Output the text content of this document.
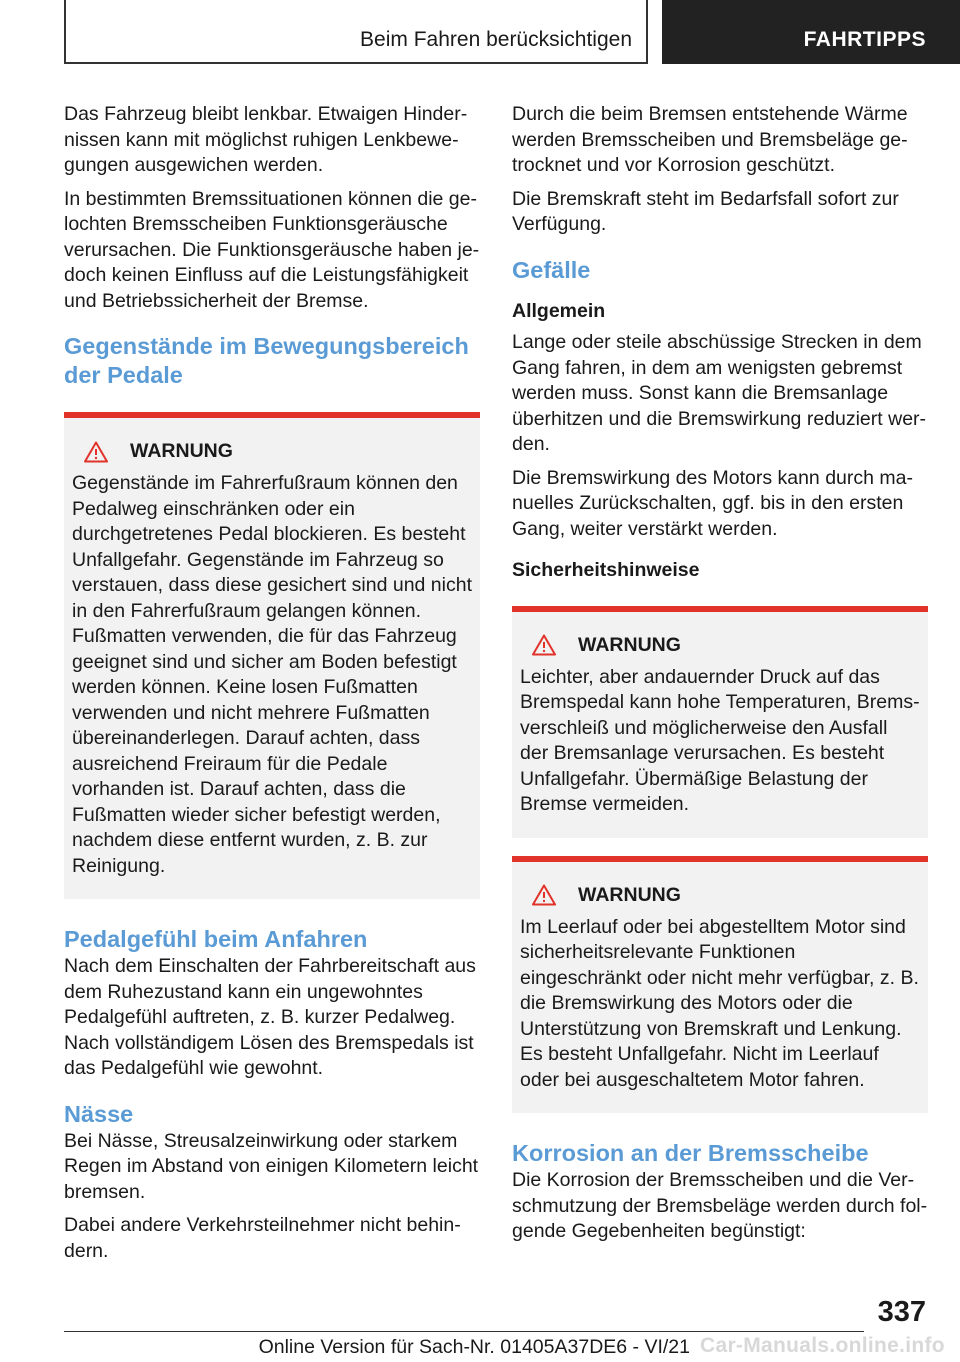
Beim Fahren berücksichtigen	FAHRTIPPS

Das Fahrzeug bleibt lenkbar. Etwaigen Hindernissen kann mit möglichst ruhigen Lenkbewegungen ausgewichen werden.

In bestimmten Bremssituationen können die gelochten Bremsscheiben Funktionsgeräusche verursachen. Die Funktionsgeräusche haben jedoch keinen Einfluss auf die Leistungsfähigkeit und Betriebssicherheit der Bremse.

Gegenstände im Bewegungsbereich der Pedale
WARNUNG

Gegenstände im Fahrerfußraum können den Pedalweg einschränken oder ein durchgetretenes Pedal blockieren. Es besteht Unfallgefahr. Gegenstände im Fahrzeug so verstauen, dass diese gesichert sind und nicht in den Fahrerfußraum gelangen können. Fußmatten verwenden, die für das Fahrzeug geeignet sind und sicher am Boden befestigt werden können. Keine losen Fußmatten verwenden und nicht mehrere Fußmatten übereinanderlegen. Darauf achten, dass ausreichend Freiraum für die Pedale vorhanden ist. Darauf achten, dass die Fußmatten wieder sicher befestigt werden, nachdem diese entfernt wurden, z. B. zur Reinigung.

Pedalgefühl beim Anfahren

Nach dem Einschalten der Fahrbereitschaft aus dem Ruhezustand kann ein ungewohntes Pedalgefühl auftreten, z. B. kurzer Pedalweg. Nach vollständigem Lösen des Bremspedals ist das Pedalgefühl wie gewohnt.

Nässe

Bei Nässe, Streusalzeinwirkung oder starkem Regen im Abstand von einigen Kilometern leicht bremsen.

Dabei andere Verkehrsteilnehmer nicht behindern.

Durch die beim Bremsen entstehende Wärme werden Bremsscheiben und Bremsbeläge getrocknet und vor Korrosion geschützt.

Die Bremskraft steht im Bedarfsfall sofort zur Verfügung.

Gefälle
Allgemein

Lange oder steile abschüssige Strecken in dem Gang fahren, in dem am wenigsten gebremst werden muss. Sonst kann die Bremsanlage überhitzen und die Bremswirkung reduziert werden.

Die Bremswirkung des Motors kann durch manuelles Zurückschalten, ggf. bis in den ersten Gang, weiter verstärkt werden.

Sicherheitshinweise
WARNUNG

Leichter, aber andauernder Druck auf das Bremspedal kann hohe Temperaturen, Bremsverschleiß und möglicherweise den Ausfall der Bremsanlage verursachen. Es besteht Unfallgefahr. Übermäßige Belastung der Bremse vermeiden.

WARNUNG

Im Leerlauf oder bei abgestelltem Motor sind sicherheitsrelevante Funktionen eingeschränkt oder nicht mehr verfügbar, z. B. die Bremswirkung des Motors oder die Unterstützung von Bremskraft und Lenkung. Es besteht Unfallgefahr. Nicht im Leerlauf oder bei ausgeschaltetem Motor fahren.

Korrosion an der Bremsscheibe

Die Korrosion der Bremsscheiben und die Verschmutzung der Bremsbeläge werden durch folgende Gegebenheiten begünstigt:

337
Online Version für Sach-Nr. 01405A37DE6 - VI/21 Car-Manuals.online.info
